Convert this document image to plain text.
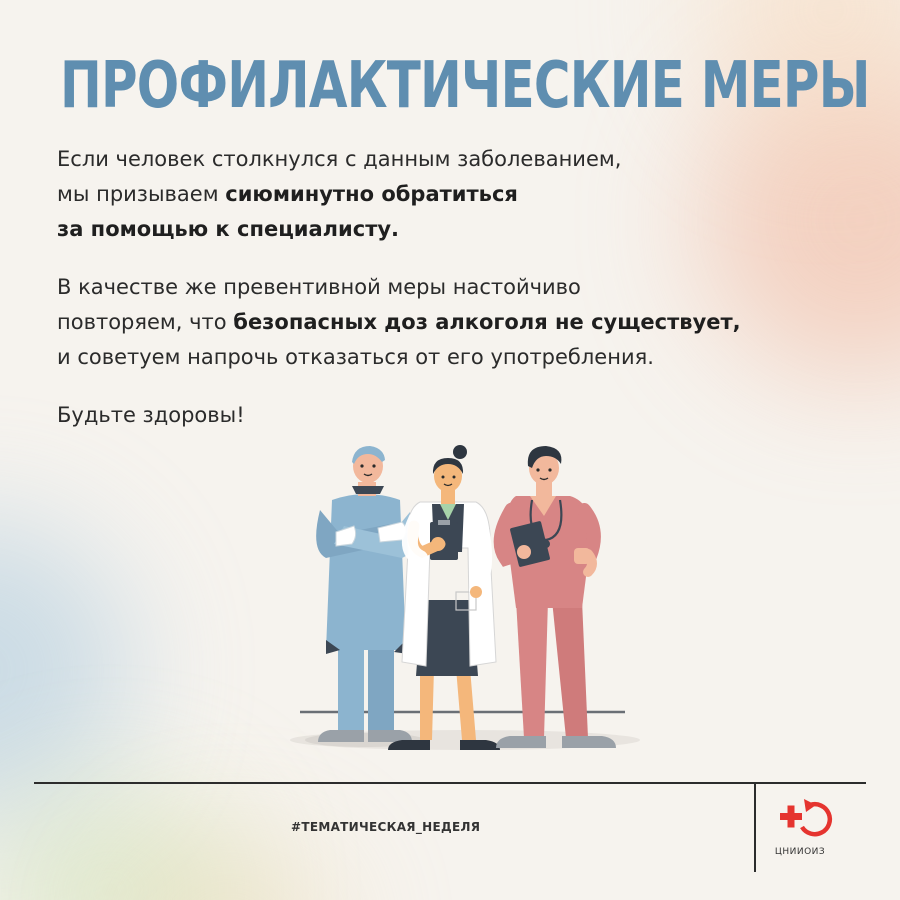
ПРОФИЛАКТИЧЕСКИЕ МЕРЫ

Если человек столкнулся с данным заболеванием,
мы призываем сиюминутно обратиться
за помощью к специалисту.

В качестве же превентивной меры настойчиво
повторяем, что безопасных доз алкоголя не существует,
и советуем напрочь отказаться от его употребления.

Будьте здоровы!

#ТЕМАТИЧЕСКАЯ_НЕДЕЛЯ

ЦНИИОИЗ
